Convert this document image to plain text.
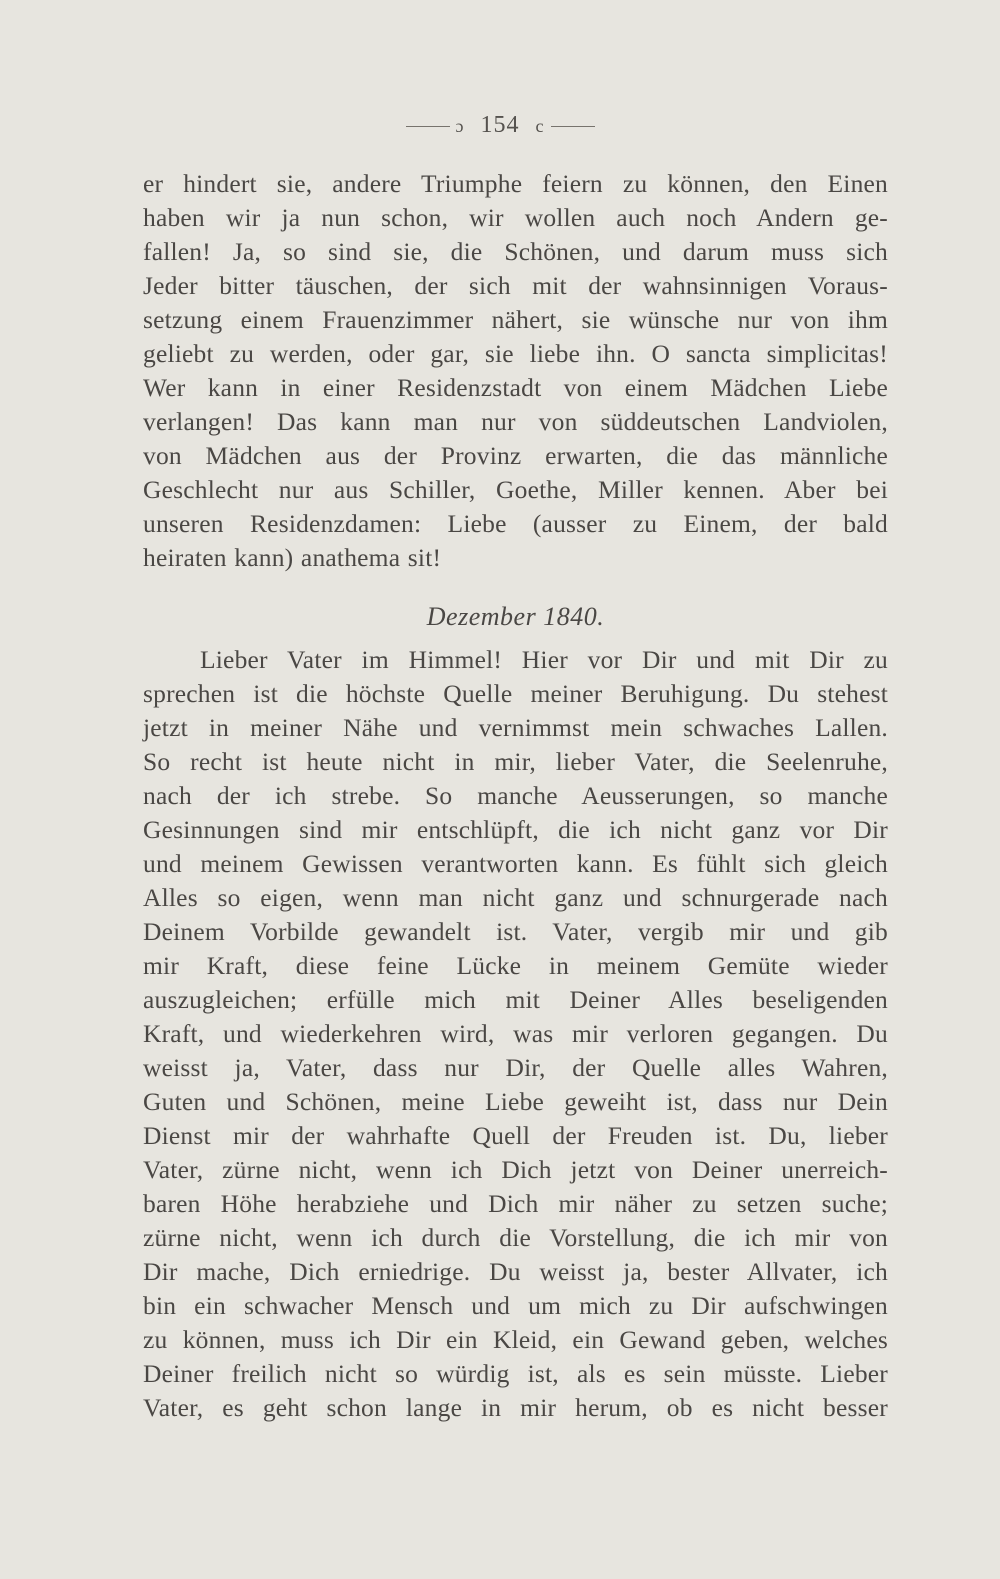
ɔ 154 c
er hindert sie, andere Triumphe feiern zu können, den Einen
haben wir ja nun schon, wir wollen auch noch Andern ge-
fallen! Ja, so sind sie, die Schönen, und darum muss sich
Jeder bitter täuschen, der sich mit der wahnsinnigen Voraus-
setzung einem Frauenzimmer nähert, sie wünsche nur von ihm
geliebt zu werden, oder gar, sie liebe ihn. O sancta simplicitas!
Wer kann in einer Residenzstadt von einem Mädchen Liebe
verlangen! Das kann man nur von süddeutschen Landviolen,
von Mädchen aus der Provinz erwarten, die das männliche
Geschlecht nur aus Schiller, Goethe, Miller kennen. Aber bei
unseren Residenzdamen: Liebe (ausser zu Einem, der bald
heiraten kann) anathema sit!
Dezember 1840.
Lieber Vater im Himmel! Hier vor Dir und mit Dir zu
sprechen ist die höchste Quelle meiner Beruhigung. Du stehest
jetzt in meiner Nähe und vernimmst mein schwaches Lallen.
So recht ist heute nicht in mir, lieber Vater, die Seelenruhe,
nach der ich strebe. So manche Aeusserungen, so manche
Gesinnungen sind mir entschlüpft, die ich nicht ganz vor Dir
und meinem Gewissen verantworten kann. Es fühlt sich gleich
Alles so eigen, wenn man nicht ganz und schnurgerade nach
Deinem Vorbilde gewandelt ist. Vater, vergib mir und gib
mir Kraft, diese feine Lücke in meinem Gemüte wieder
auszugleichen; erfülle mich mit Deiner Alles beseligenden
Kraft, und wiederkehren wird, was mir verloren gegangen. Du
weisst ja, Vater, dass nur Dir, der Quelle alles Wahren,
Guten und Schönen, meine Liebe geweiht ist, dass nur Dein
Dienst mir der wahrhafte Quell der Freuden ist. Du, lieber
Vater, zürne nicht, wenn ich Dich jetzt von Deiner unerreich-
baren Höhe herabziehe und Dich mir näher zu setzen suche;
zürne nicht, wenn ich durch die Vorstellung, die ich mir von
Dir mache, Dich erniedrige. Du weisst ja, bester Allvater, ich
bin ein schwacher Mensch und um mich zu Dir aufschwingen
zu können, muss ich Dir ein Kleid, ein Gewand geben, welches
Deiner freilich nicht so würdig ist, als es sein müsste. Lieber
Vater, es geht schon lange in mir herum, ob es nicht besser
